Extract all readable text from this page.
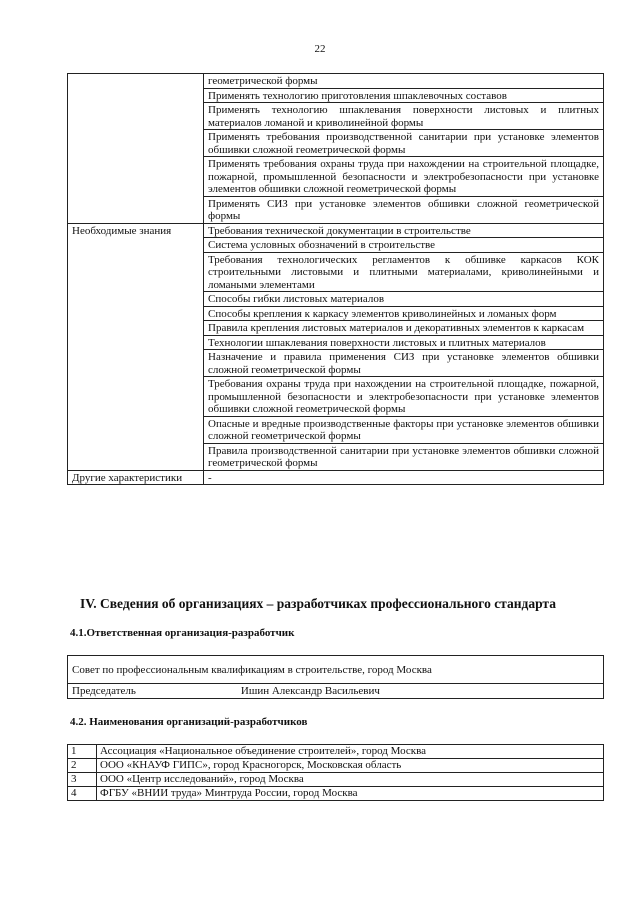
22
	геометрической формы
	Применять технологию приготовления шпаклевочных составов
	Применять технологию шпаклевания поверхности листовых и плитных материалов ломаной и криволинейной формы
	Применять требования производственной санитарии при установке элементов обшивки сложной геометрической формы
	Применять требования охраны труда при нахождении на строительной площадке, пожарной, промышленной безопасности и электробезопасности при установке элементов обшивки сложной геометрической формы
	Применять СИЗ при установке элементов обшивки сложной геометрической формы
Необходимые знания	Требования технической документации в строительстве
	Система условных обозначений в строительстве
	Требования технологических регламентов к обшивке каркасов КОК строительными листовыми и плитными материалами, криволинейными и ломаными элементами
	Способы гибки листовых материалов
	Способы крепления к каркасу элементов криволинейных и ломаных форм
	Правила крепления листовых материалов и декоративных элементов к каркасам
	Технологии шпаклевания поверхности листовых и плитных материалов
	Назначение и правила применения СИЗ при установке элементов обшивки сложной геометрической формы
	Требования охраны труда при нахождении на строительной площадке, пожарной, промышленной безопасности и электробезопасности при установке элементов обшивки сложной геометрической формы
	Опасные и вредные производственные факторы при установке элементов обшивки сложной геометрической формы
	Правила производственной санитарии при установке элементов обшивки сложной геометрической формы
Другие характеристики	-
IV. Сведения об организациях – разработчиках профессионального стандарта
4.1.Ответственная организация-разработчик
Совет по профессиональным квалификациям в строительстве, город Москва
Председатель	Ишин Александр Васильевич
4.2. Наименования организаций-разработчиков
1	Ассоциация «Национальное объединение строителей», город Москва
2	ООО «КНАУФ ГИПС», город Красногорск, Московская область
3	ООО «Центр исследований», город Москва
4	ФГБУ «ВНИИ труда» Минтруда России, город Москва
